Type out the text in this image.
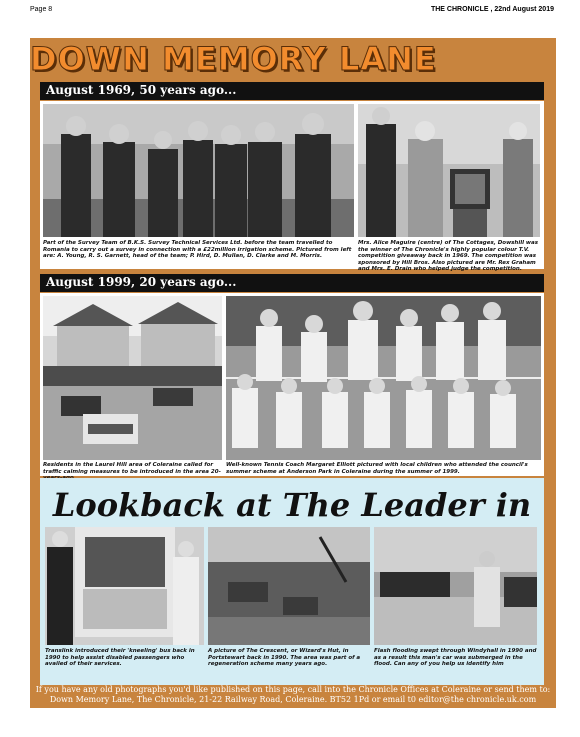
Page 8	THE CHRONICLE , 22nd August 2019
DOWN MEMORY LANE
August 1969, 50 years ago...
Part of the Survey Team of B.K.S. Survey Technical Services Ltd. before the team travelled to Romania to carry out a survey in connection with a £22million irrigation scheme. Pictured from left are: A. Young, R. S. Garnett, head of the team; P. Hird, D. Mullan, D. Clarke and M. Morris.
Mrs. Alice Maguire (centre) of The Cottages, Dowshill was the winner of The Chronicle's highly popular colour T.V. competition giveaway back in 1969. The competition was sponsored by Hill Bros. Also pictured are Mr. Rex Graham and Mrs. E. Drain who helped judge the competition.
August 1999, 20 years ago...
Residents in the Laurel Hill area of Coleraine called for traffic calming measures to be introduced in the area 20-
Well-known Tennis Coach Margaret Elliott pictured with local children who attended the council's summer scheme at Anderson Park in Coleraine during the summer of 1999.
Lookback at The Leader in
Translink introduced their 'kneeling' bus back in 1990 to help assist disabled passengers who availed of their services.
A picture of The Crescent, or Wizard's Hut, in Portstewart back in 1990. The area was part of a regeneration scheme many years ago.
Flash flooding swept through Windyhall in 1990 and as a result this man's car was submerged in the flood. Can any of you help us identify him
If you have any old photographs you'd like published on this page, call into the Chronicle Offices at Coleraine or send them to:
Down Memory Lane, The Chronicle, 21-22 Railway Road, Coleraine. BT52 1Pd or email t0 editor@the chronicle.uk.com
